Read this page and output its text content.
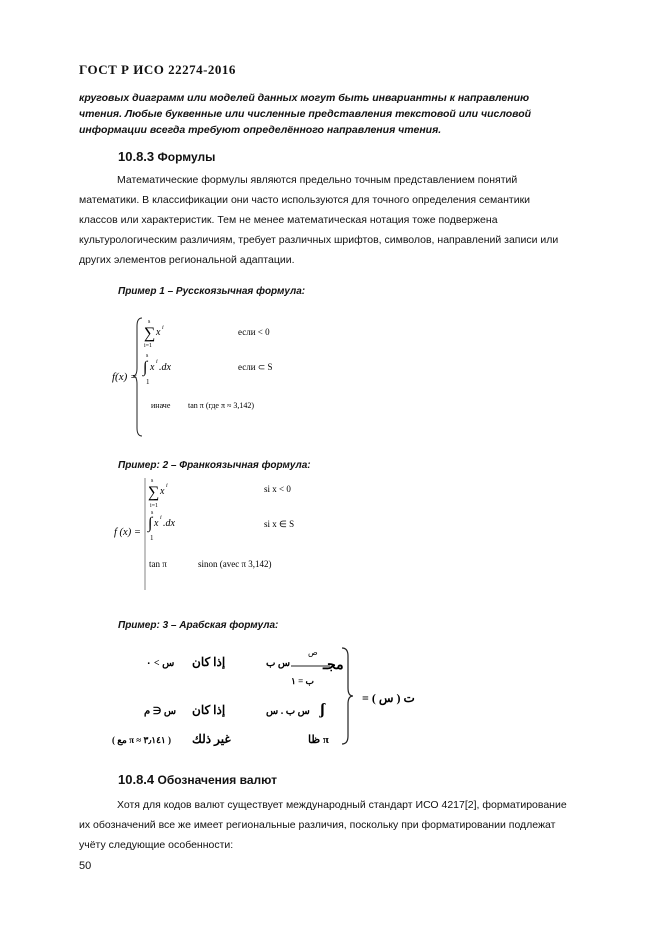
ГОСТ Р ИСО 22274-2016
круговых диаграмм или моделей данных могут быть инвариантны к направлению
чтения. Любые буквенные или численные представления текстовой или числовой
информации всегда требуют определённого направления чтения.
10.8.3 Формулы
Математические формулы являются предельно точным представлением понятий
математики. В классификации они часто используются для точного определения семантики
классов или характеристик. Тем не менее математическая нотация тоже подвержена
культурологическим различиям, требует различных шрифтов, символов, направлений записи или
других элементов региональной адаптации.
Пример 1 – Русскоязычная формула:
f(x) =
s
∑
i=1
x i	если < 0
s
∫
1
x i .dx	если ⊂ S
иначе tan π (где π ≈ 3,142)
Пример: 2 – Франкоязычная формула:
f (x) =
s
∑
i=1
x i	si x < 0
s
∫
1
x i .dx	si x ∈ S
tan π	sinon (avec π 3,142)
Пример: 3 – Арабская формула:
= ( س ) ت
مجـ
ص
ب = ١
س ب
إذا كان
س > ٠
ʃ
س ب . س
إذا كان
س ∈ م
ظا π
غير ذلك
( مع π ≈ ٣٫١٤١ )
10.8.4 Обозначения валют
Хотя для кодов валют существует международный стандарт ИСО 4217[2], форматирование
их обозначений все же имеет региональные различия, поскольку при форматировании подлежат
учёту следующие особенности:
50
